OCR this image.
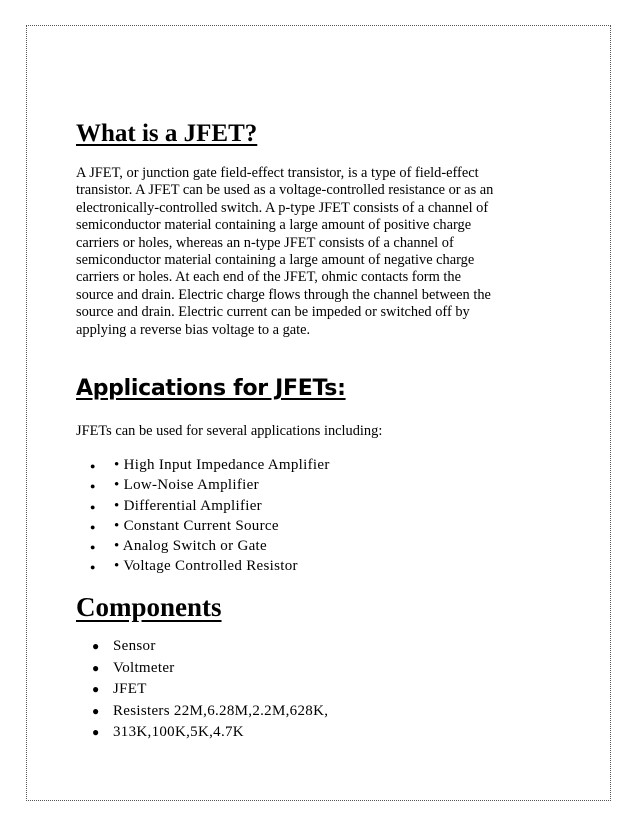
What is a JFET?
A JFET, or junction gate field-effect transistor, is a type of field-effect
transistor. A JFET can be used as a voltage-controlled resistance or as an
electronically-controlled switch. A p-type JFET consists of a channel of
semiconductor material containing a large amount of positive charge
carriers or holes, whereas an n-type JFET consists of a channel of
semiconductor material containing a large amount of negative charge
carriers or holes. At each end of the JFET, ohmic contacts form the
source and drain. Electric charge flows through the channel between the
source and drain. Electric current can be impeded or switched off by
applying a reverse bias voltage to a gate.
Applications for JFETs:

JFETs can be used for several applications including:

●	• High Input Impedance Amplifier
●	• Low-Noise Amplifier
●	• Differential Amplifier
●	• Constant Current Source
●	• Analog Switch or Gate
●	• Voltage Controlled Resistor
Components
● Sensor
● Voltmeter
● JFET
● Resisters 22M,6.28M,2.2M,628K,
● 313K,100K,5K,4.7K
